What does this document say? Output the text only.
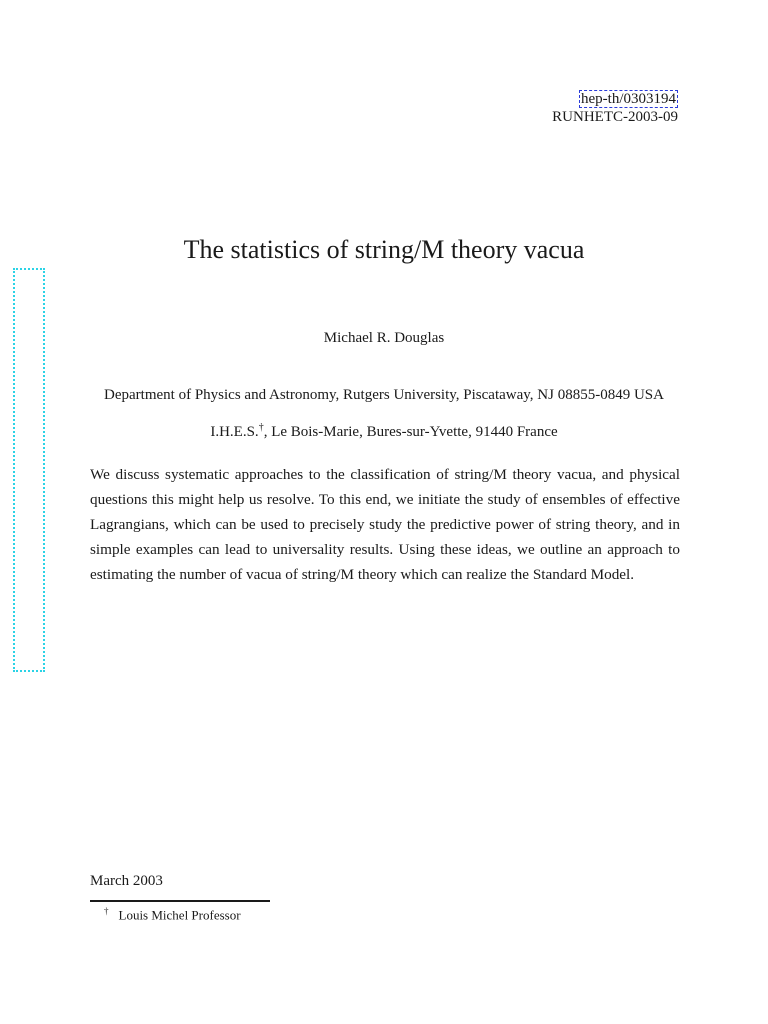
hep-th/0303194
RUNHETC-2003-09
The statistics of string/M theory vacua
Michael R. Douglas
Department of Physics and Astronomy, Rutgers University, Piscataway, NJ 08855-0849 USA
I.H.E.S.†, Le Bois-Marie, Bures-sur-Yvette, 91440 France

We discuss systematic approaches to the classification of string/M theory vacua, and physical questions this might help us resolve. To this end, we initiate the study of ensembles of effective Lagrangians, which can be used to precisely study the predictive power of string theory, and in simple examples can lead to universality results. Using these ideas, we outline an approach to estimating the number of vacua of string/M theory which can realize the Standard Model.

March 2003
† Louis Michel Professor
